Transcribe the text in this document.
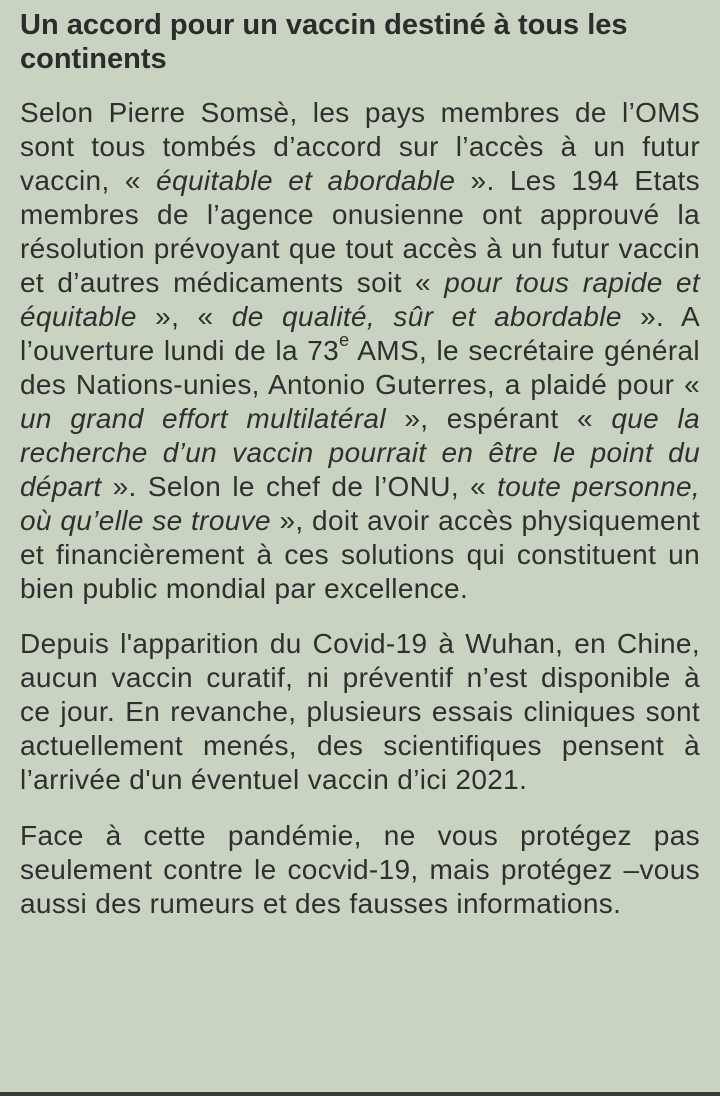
Un accord pour un vaccin destiné à tous les continents

Selon Pierre Somsè, les pays membres de l’OMS sont tous tombés d’accord sur l’accès à un futur vaccin, « équitable et abordable ». Les 194 Etats membres de l’agence onusienne ont approuvé la résolution prévoyant que tout accès à un futur vaccin et d’autres médicaments soit « pour tous rapide et équitable », « de qualité, sûr et abordable ». A l’ouverture lundi de la 73e AMS, le secrétaire général des Nations-unies, Antonio Guterres, a plaidé pour « un grand effort multilatéral », espérant « que la recherche d’un vaccin pourrait en être le point du départ ». Selon le chef de l’ONU, « toute personne, où qu’elle se trouve », doit avoir accès physiquement et financièrement à ces solutions qui constituent un bien public mondial par excellence.

Depuis l'apparition du Covid-19 à Wuhan, en Chine, aucun vaccin curatif, ni préventif n’est disponible à ce jour. En revanche, plusieurs essais cliniques sont actuellement menés, des scientifiques pensent à l’arrivée d'un éventuel vaccin d’ici 2021.

Face à cette pandémie, ne vous protégez pas seulement contre le cocvid-19, mais protégez –vous aussi des rumeurs et des fausses informations.
